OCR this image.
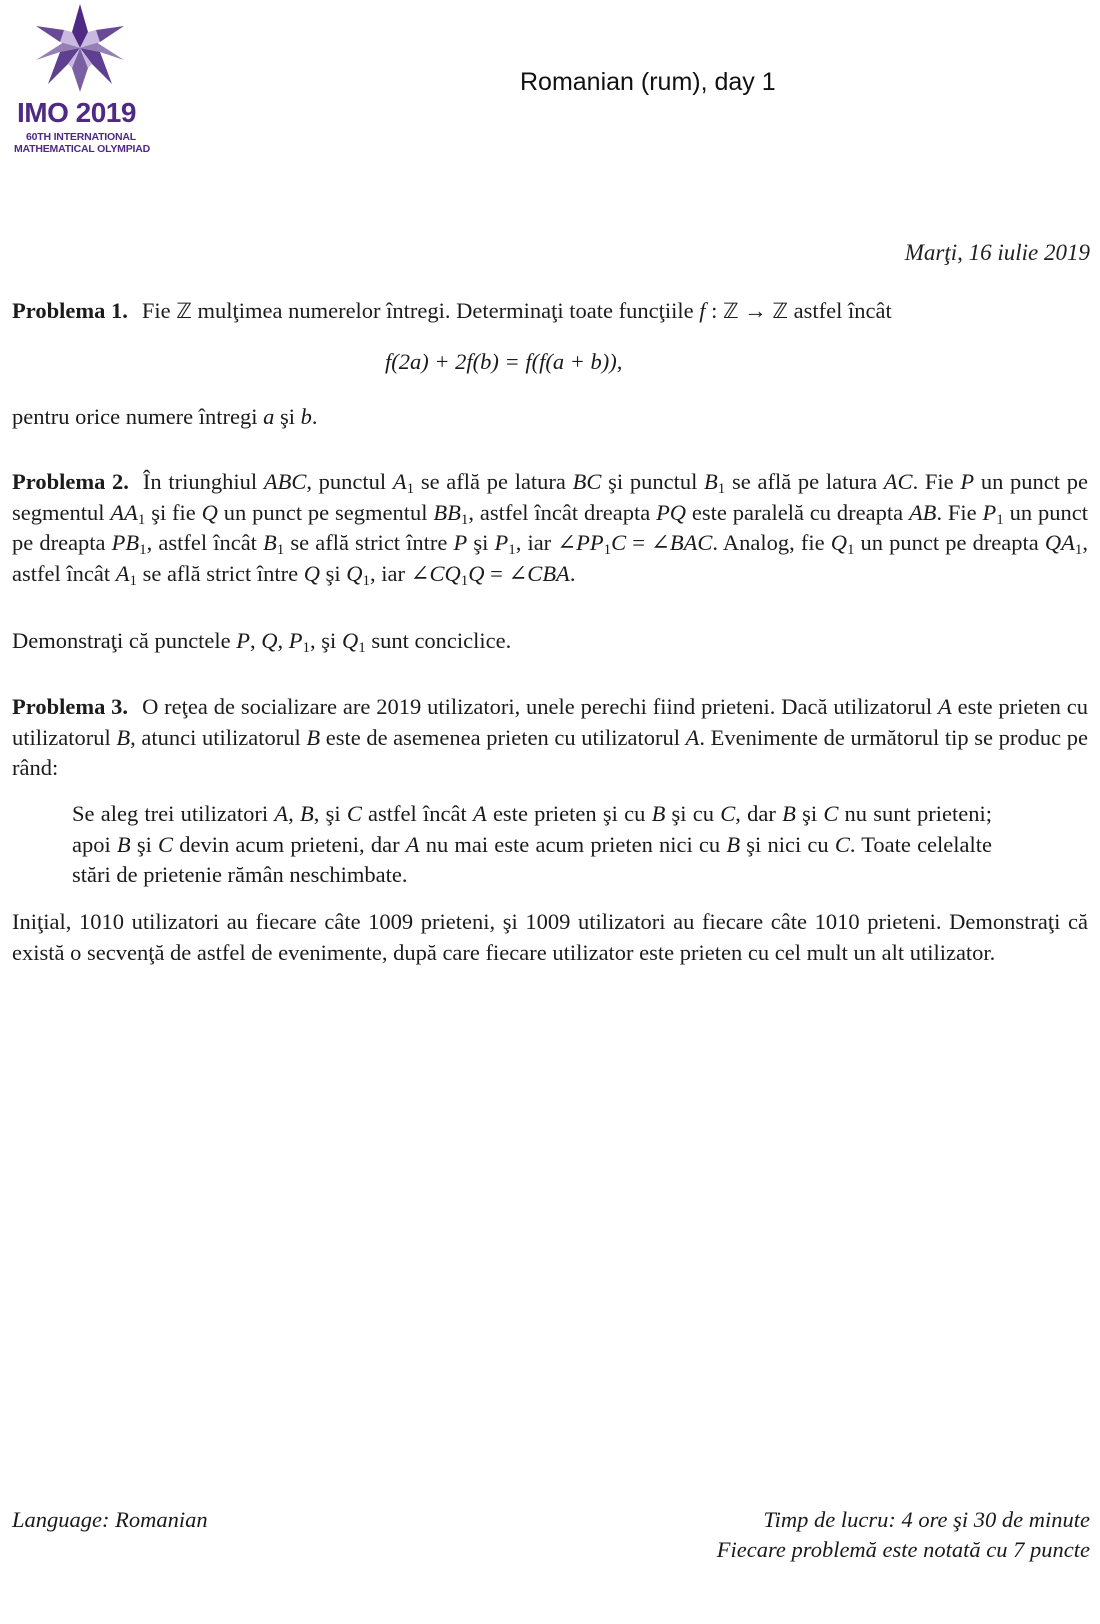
IMO 2019
60TH INTERNATIONAL
MATHEMATICAL OLYMPIAD
Romanian (rum), day 1
Marţi, 16 iulie 2019

Problema 1. Fie ℤ mulţimea numerelor întregi. Determinaţi toate funcţiile f : ℤ → ℤ astfel încât

f(2a) + 2f(b) = f(f(a + b)),
pentru orice numere întregi a şi b.

Problema 2. În triunghiul ABC, punctul $A_1$ se află pe latura BC şi punctul $B_1$ se află pe latura AC. Fie P un punct pe segmentul $AA_1$ şi fie Q un punct pe segmentul $BB_1$, astfel încât dreapta PQ este paralelă cu dreapta AB. Fie $P_1$ un punct pe dreapta $PB_1$, astfel încât $B_1$ se află strict între P şi $P_1$, iar $\angle PP_1C$ = ∠BAC. Analog, fie $Q_1$ un punct pe dreapta $QA_1$, astfel încât $A_1$ se află strict între Q şi $Q_1$, iar $\angle CQ_1Q$ = ∠CBA.

Demonstraţi că punctele P, Q, $P_1$, şi $Q_1$ sunt conciclice.

Problema 3. O reţea de socializare are 2019 utilizatori, unele perechi fiind prieteni. Dacă utilizatorul A este prieten cu utilizatorul B, atunci utilizatorul B este de asemenea prieten cu utilizatorul A. Evenimente de următorul tip se produc pe rând:

Se aleg trei utilizatori A, B, şi C astfel încât A este prieten şi cu B şi cu C, dar B şi C nu sunt prieteni; apoi B şi C devin acum prieteni, dar A nu mai este acum prieten nici cu B şi nici cu C. Toate celelalte stări de prietenie rămân neschimbate.

Iniţial, 1010 utilizatori au fiecare câte 1009 prieteni, şi 1009 utilizatori au fiecare câte 1010 prieteni. Demonstraţi că există o secvenţă de astfel de evenimente, după care fiecare utilizator este prieten cu cel mult un alt utilizator.

Language: Romanian	Timp de lucru: 4 ore şi 30 de minute
Fiecare problemă este notată cu 7 puncte
